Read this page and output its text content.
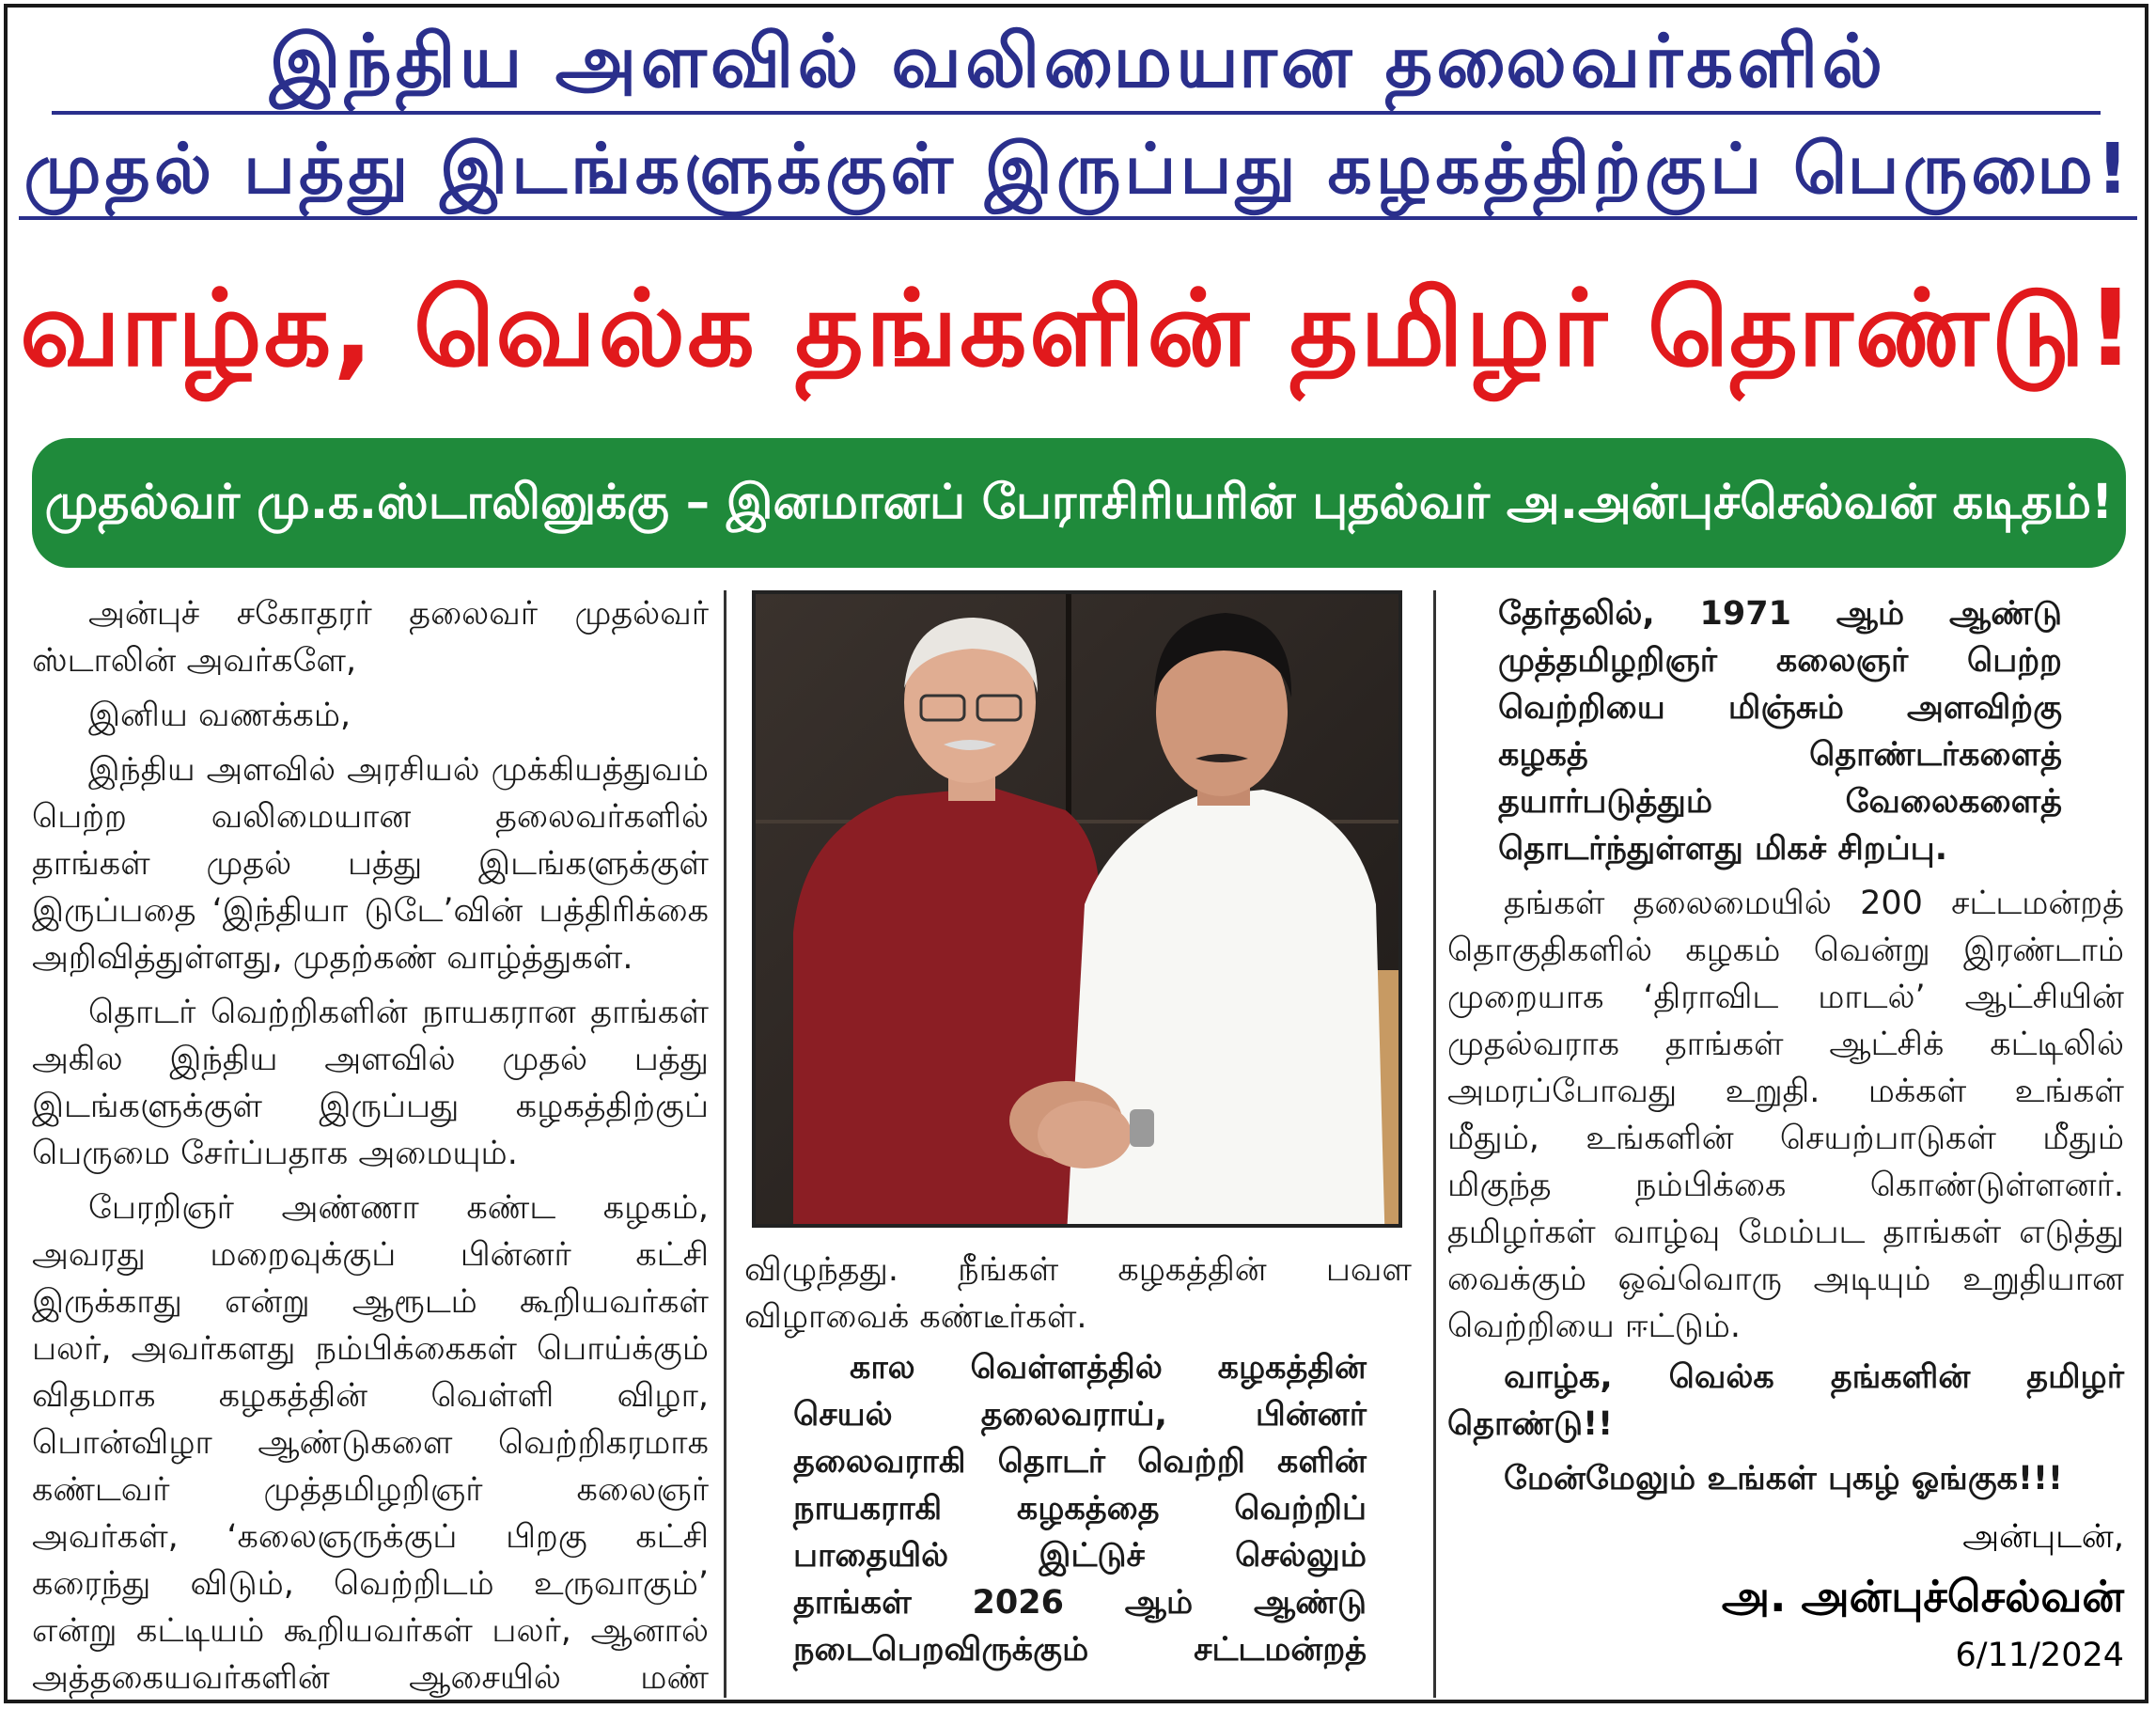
இந்திய அளவில் வலிமையான தலைவர்களில்
முதல் பத்து இடங்களுக்குள் இருப்பது கழகத்திற்குப் பெருமை!
வாழ்க, வெல்க தங்களின் தமிழர் தொண்டு!
முதல்வர் மு.க.ஸ்டாலினுக்கு – இனமானப் பேராசிரியரின் புதல்வர் அ.அன்புச்செல்வன் கடிதம்!

அன்புச் சகோதரர் தலைவர் முதல்வர்

ஸ்டாலின் அவர்களே,

இனிய வணக்கம்,

இந்திய அளவில் அரசியல் முக்கியத்துவம்

பெற்ற வலிமையான தலைவர்களில்

தாங்கள் முதல் பத்து இடங்களுக்குள்

இருப்பதை ‘இந்தியா டுடே’வின் பத்திரிக்கை

அறிவித்துள்ளது, முதற்கண் வாழ்த்துகள்.

தொடர் வெற்றிகளின் நாயகரான தாங்கள்

அகில இந்திய அளவில் முதல் பத்து

இடங்களுக்குள் இருப்பது கழகத்திற்குப்

பெருமை சேர்ப்பதாக அமையும்.

பேரறிஞர் அண்ணா கண்ட கழகம்,

அவரது மறைவுக்குப் பின்னர் கட்சி

இருக்காது என்று ஆரூடம் கூறியவர்கள்

பலர், அவர்களது நம்பிக்கைகள் பொய்க்கும்

விதமாக கழகத்தின் வெள்ளி விழா,

பொன்விழா ஆண்டுகளை வெற்றிகரமாக

கண்டவர் முத்தமிழறிஞர் கலைஞர்

அவர்கள், ‘கலைஞருக்குப் பிறகு கட்சி

கரைந்து விடும், வெற்றிடம் உருவாகும்’

என்று கட்டியம் கூறியவர்கள் பலர், ஆனால்

அத்தகையவர்களின் ஆசையில் மண்

விழுந்தது. நீங்கள் கழகத்தின் பவள

விழாவைக் கண்டீர்கள்.

கால வெள்ளத்தில் கழகத்தின்

செயல் தலைவராய், பின்னர்

தலைவராகி தொடர் வெற்றி களின்

நாயகராகி கழகத்தை வெற்றிப்

பாதையில் இட்டுச் செல்லும்

தாங்கள் 2026 ஆம் ஆண்டு

நடைபெறவிருக்கும் சட்டமன்றத்

தேர்தலில், 1971 ஆம் ஆண்டு

முத்தமிழறிஞர் கலைஞர் பெற்ற

வெற்றியை மிஞ்சும் அளவிற்கு

கழகத் தொண்டர்களைத்

தயார்படுத்தும் வேலைகளைத்

தொடர்ந்துள்ளது மிகச் சிறப்பு.

தங்கள் தலைமையில் 200 சட்டமன்றத்

தொகுதிகளில் கழகம் வென்று இரண்டாம்

முறையாக ‘திராவிட மாடல்’ ஆட்சியின்

முதல்வராக தாங்கள் ஆட்சிக் கட்டிலில்

அமரப்போவது உறுதி. மக்கள் உங்கள்

மீதும், உங்களின் செயற்பாடுகள் மீதும்

மிகுந்த நம்பிக்கை கொண்டுள்ளனர்.

தமிழர்கள் வாழ்வு மேம்பட தாங்கள் எடுத்து

வைக்கும் ஒவ்வொரு அடியும் உறுதியான

வெற்றியை ஈட்டும்.

வாழ்க, வெல்க தங்களின் தமிழர்

தொண்டு!!

மேன்மேலும் உங்கள் புகழ் ஓங்குக!!!

அன்புடன்,
அ. அன்புச்செல்வன்
6/11/2024
